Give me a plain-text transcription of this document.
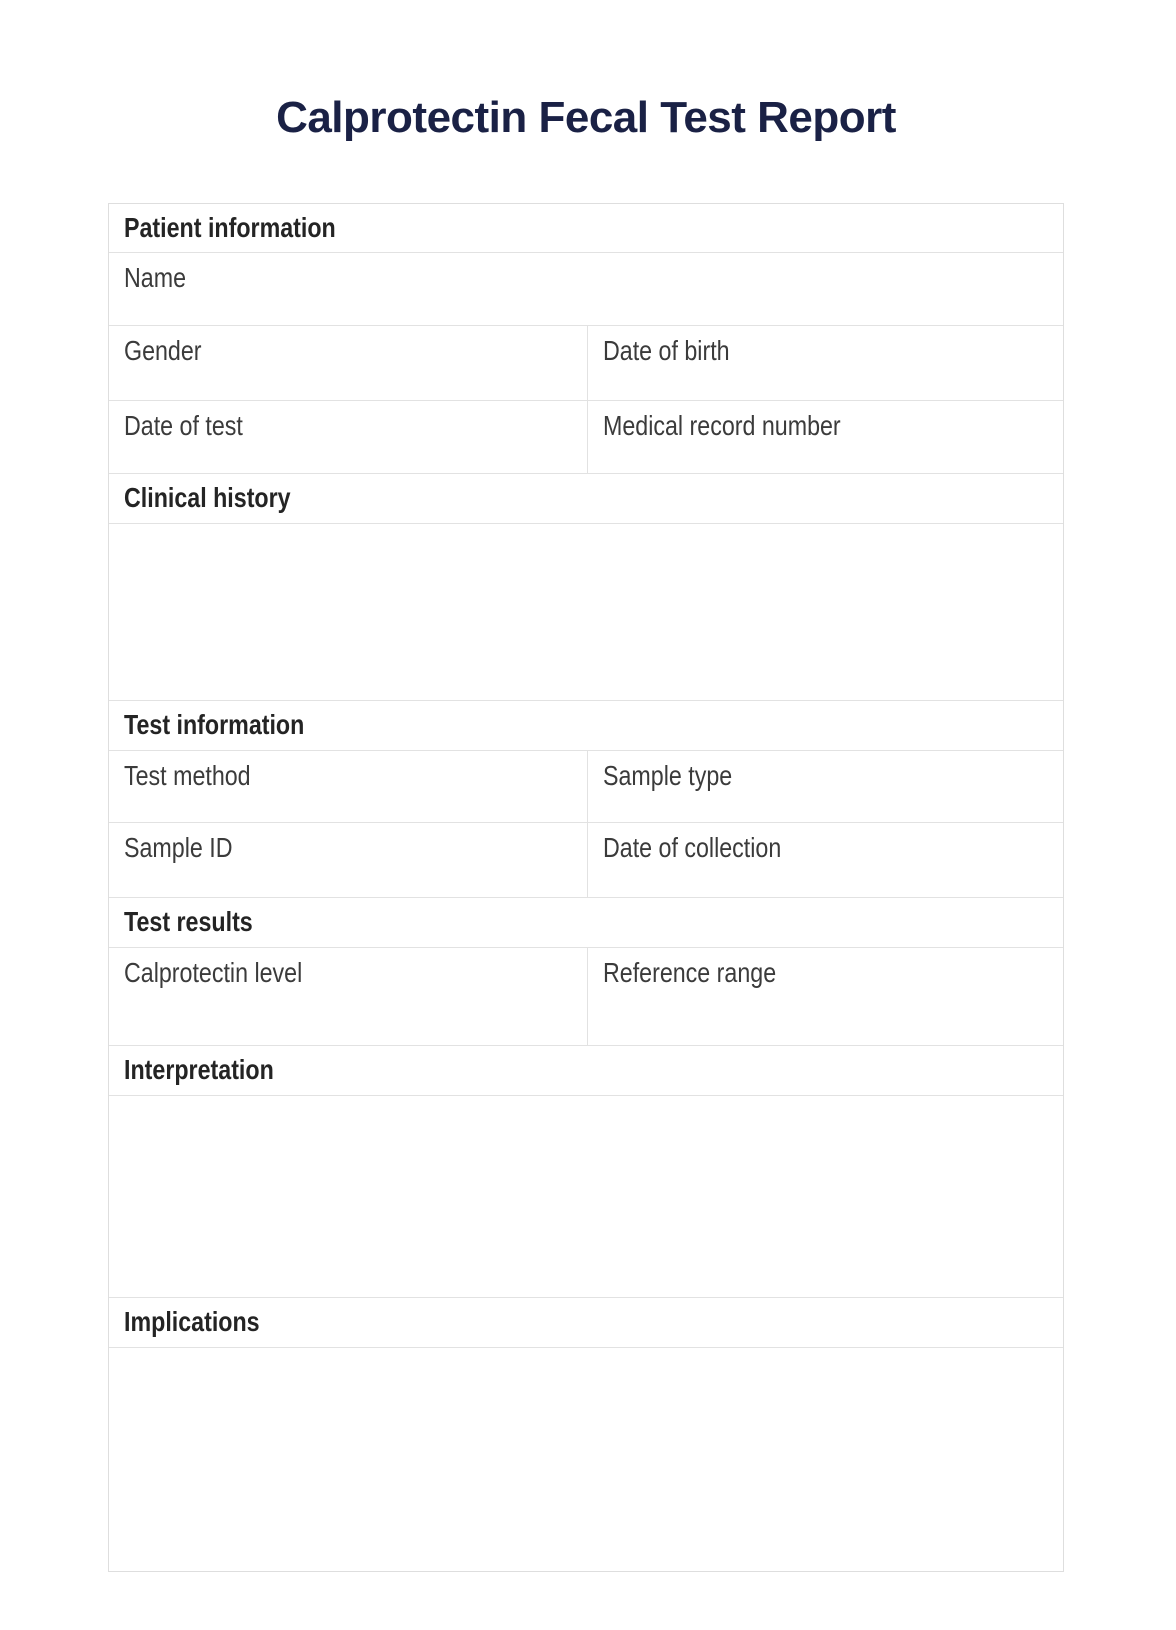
Calprotectin Fecal Test Report
Patient information
Name
Gender	Date of birth
Date of test	Medical record number
Clinical history
Test information
Test method	Sample type
Sample ID	Date of collection
Test results
Calprotectin level	Reference range
Interpretation
Implications
